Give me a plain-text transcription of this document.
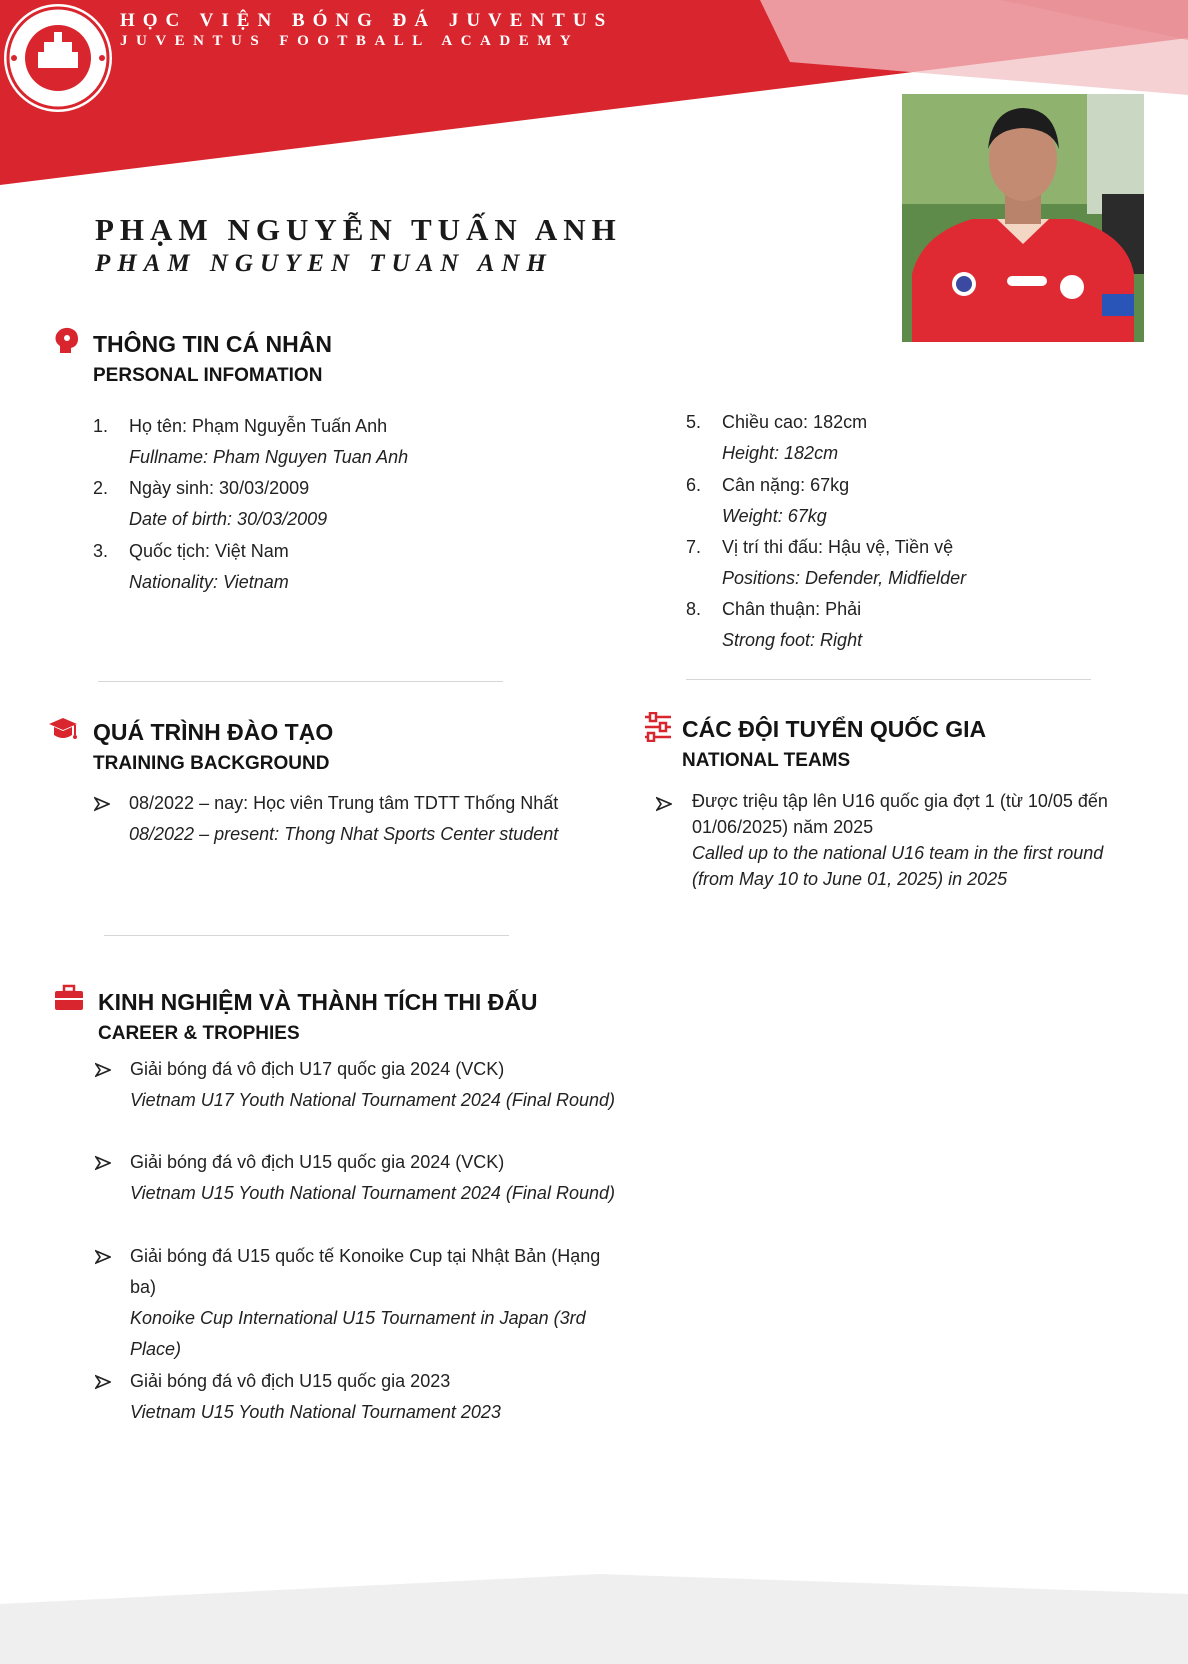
HỌC VIỆN BÓNG ĐÁ JUVENTUS
JUVENTUS FOOTBALL ACADEMY
PHẠM NGUYỄN TUẤN ANH
PHAM NGUYEN TUAN ANH
THÔNG TIN CÁ NHÂN
PERSONAL INFOMATION
1. Họ tên: Phạm Nguyễn Tuấn Anh
Fullname: Pham Nguyen Tuan Anh
2. Ngày sinh: 30/03/2009
Date of birth: 30/03/2009
3. Quốc tịch: Việt Nam
Nationality: Vietnam
5. Chiều cao: 182cm
Height: 182cm
6. Cân nặng: 67kg
Weight: 67kg
7. Vị trí thi đấu: Hậu vệ, Tiền vệ
Positions: Defender, Midfielder
8. Chân thuận: Phải
Strong foot: Right
QUÁ TRÌNH ĐÀO TẠO
TRAINING BACKGROUND
08/2022 – nay: Học viên Trung tâm TDTT Thống Nhất
08/2022 – present: Thong Nhat Sports Center student
CÁC ĐỘI TUYỂN QUỐC GIA
NATIONAL TEAMS
Được triệu tập lên U16 quốc gia đợt 1 (từ 10/05 đến 01/06/2025) năm 2025
Called up to the national U16 team in the first round (from May 10 to June 01, 2025) in 2025
KINH NGHIỆM VÀ THÀNH TÍCH THI ĐẤU
CAREER & TROPHIES
Giải bóng đá vô địch U17 quốc gia 2024 (VCK)
Vietnam U17 Youth National Tournament 2024 (Final Round)
Giải bóng đá vô địch U15 quốc gia 2024 (VCK)
Vietnam U15 Youth National Tournament 2024 (Final Round)
Giải bóng đá U15 quốc tế Konoike Cup tại Nhật Bản (Hạng ba)
Konoike Cup International U15 Tournament in Japan (3rd Place)
Giải bóng đá vô địch U15 quốc gia 2023
Vietnam U15 Youth National Tournament 2023
